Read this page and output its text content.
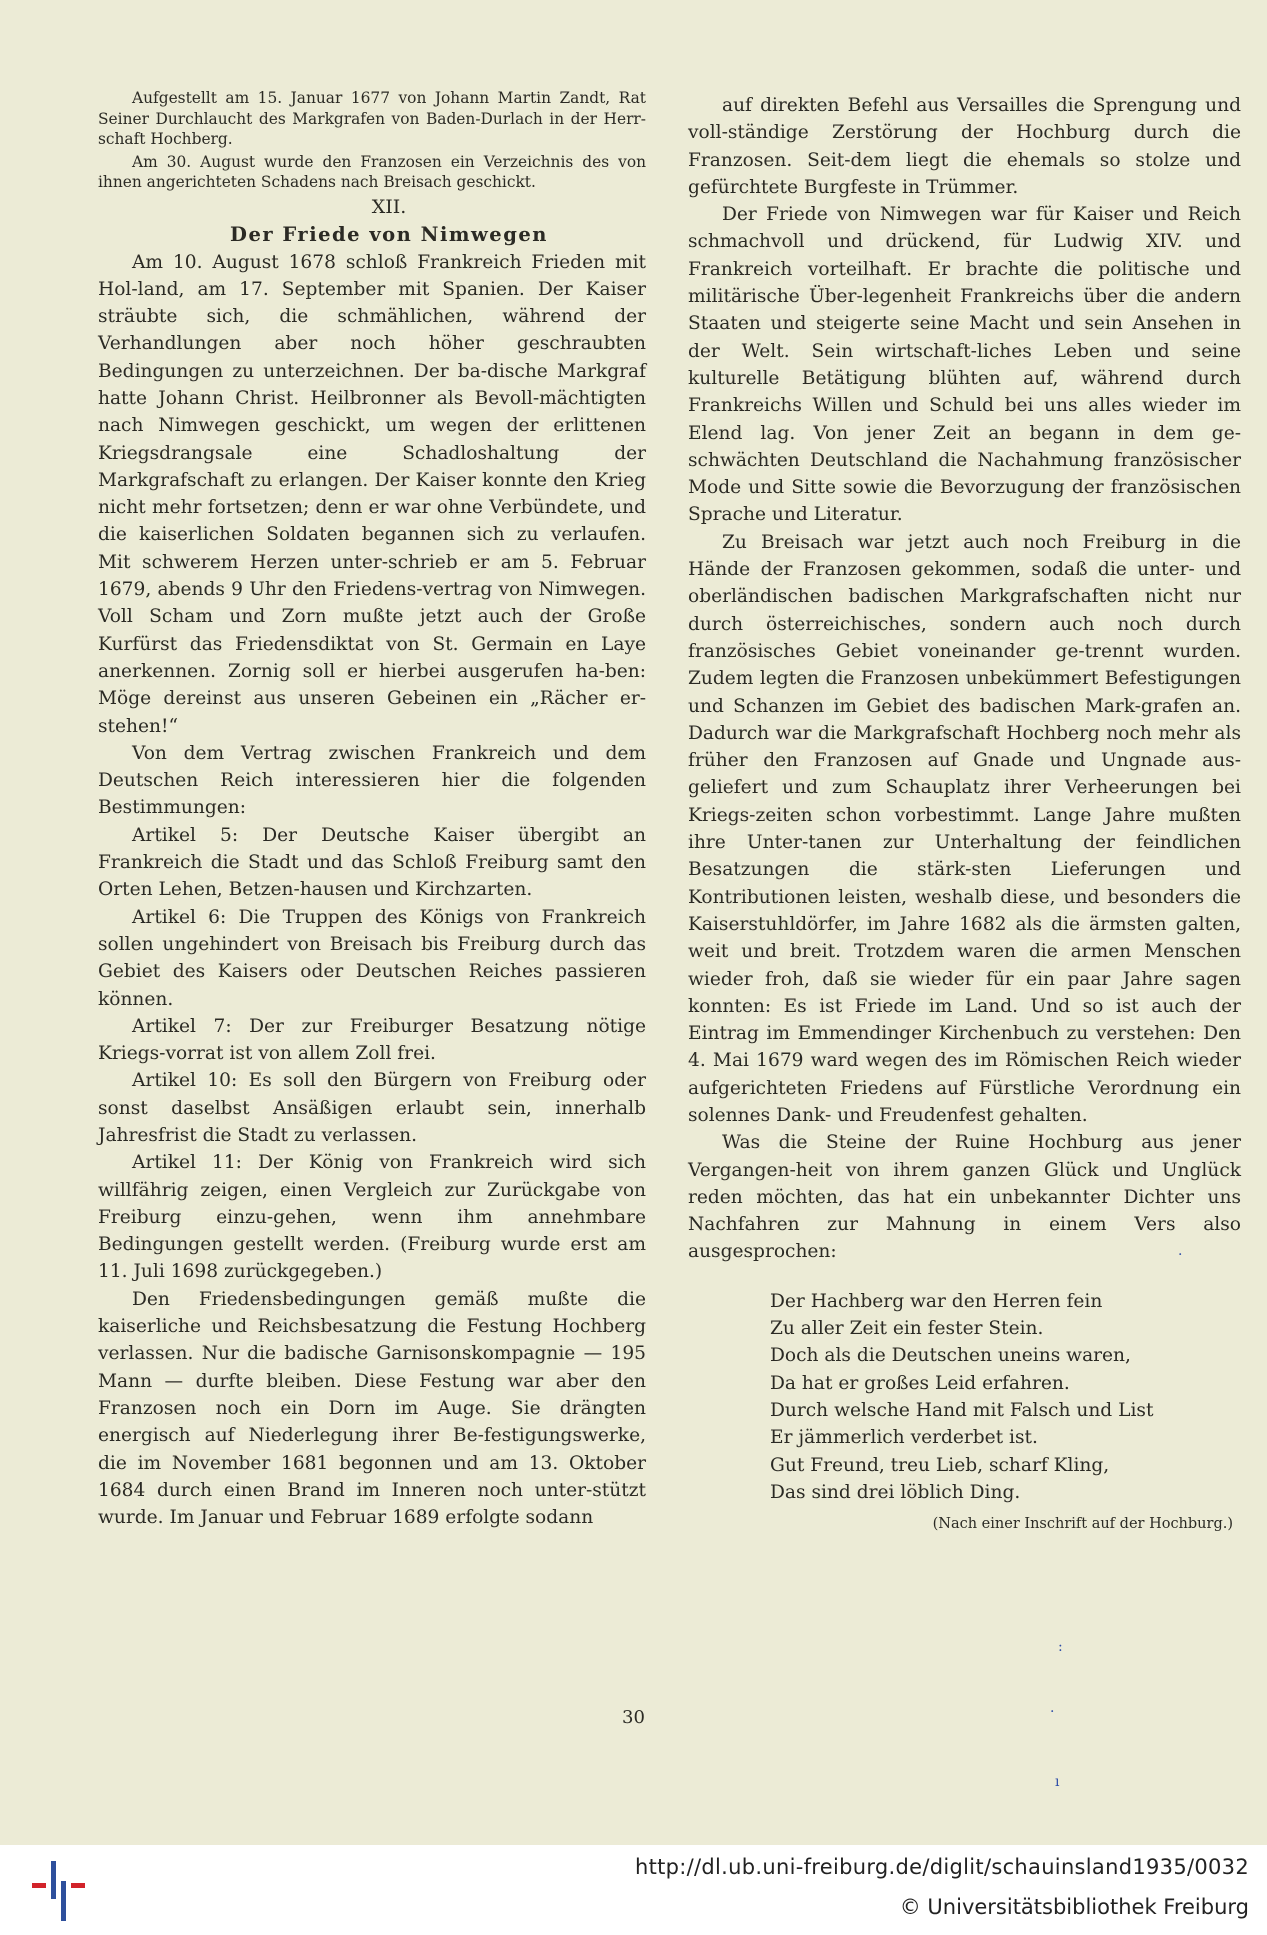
Aufgestellt am 15. Januar 1677 von Johann Martin Zandt, Rat Seiner Durchlaucht des Markgrafen von Baden-Durlach in der Herr-schaft Hochberg.

Am 30. August wurde den Franzosen ein Verzeichnis des von ihnen angerichteten Schadens nach Breisach geschickt.

XII.

Der Friede von Nimwegen

Am 10. August 1678 schloß Frankreich Frieden mit Hol-land, am 17. September mit Spanien. Der Kaiser sträubte sich, die schmählichen, während der Verhandlungen aber noch höher geschraubten Bedingungen zu unterzeichnen. Der ba-dische Markgraf hatte Johann Christ. Heilbronner als Bevoll-mächtigten nach Nimwegen geschickt, um wegen der erlittenen Kriegsdrangsale eine Schadloshaltung der Markgrafschaft zu erlangen. Der Kaiser konnte den Krieg nicht mehr fortsetzen; denn er war ohne Verbündete, und die kaiserlichen Soldaten begannen sich zu verlaufen. Mit schwerem Herzen unter-schrieb er am 5. Februar 1679, abends 9 Uhr den Friedens-vertrag von Nimwegen. Voll Scham und Zorn mußte jetzt auch der Große Kurfürst das Friedensdiktat von St. Germain en Laye anerkennen. Zornig soll er hierbei ausgerufen ha-ben: Möge dereinst aus unseren Gebeinen ein „Rächer er-stehen!“

Von dem Vertrag zwischen Frankreich und dem Deutschen Reich interessieren hier die folgenden Bestimmungen:

Artikel 5: Der Deutsche Kaiser übergibt an Frankreich die Stadt und das Schloß Freiburg samt den Orten Lehen, Betzen-hausen und Kirchzarten.

Artikel 6: Die Truppen des Königs von Frankreich sollen ungehindert von Breisach bis Freiburg durch das Gebiet des Kaisers oder Deutschen Reiches passieren können.

Artikel 7: Der zur Freiburger Besatzung nötige Kriegs-vorrat ist von allem Zoll frei.

Artikel 10: Es soll den Bürgern von Freiburg oder sonst daselbst Ansäßigen erlaubt sein, innerhalb Jahresfrist die Stadt zu verlassen.

Artikel 11: Der König von Frankreich wird sich willfährig zeigen, einen Vergleich zur Zurückgabe von Freiburg einzu-gehen, wenn ihm annehmbare Bedingungen gestellt werden. (Freiburg wurde erst am 11. Juli 1698 zurückgegeben.)

Den Friedensbedingungen gemäß mußte die kaiserliche und Reichsbesatzung die Festung Hochberg verlassen. Nur die badische Garnisonskompagnie — 195 Mann — durfte bleiben. Diese Festung war aber den Franzosen noch ein Dorn im Auge. Sie drängten energisch auf Niederlegung ihrer Be-festigungswerke, die im November 1681 begonnen und am 13. Oktober 1684 durch einen Brand im Inneren noch unter-stützt wurde. Im Januar und Februar 1689 erfolgte sodann

auf direkten Befehl aus Versailles die Sprengung und voll-ständige Zerstörung der Hochburg durch die Franzosen. Seit-dem liegt die ehemals so stolze und gefürchtete Burgfeste in Trümmer.

Der Friede von Nimwegen war für Kaiser und Reich schmachvoll und drückend, für Ludwig XIV. und Frankreich vorteilhaft. Er brachte die politische und militärische Über-legenheit Frankreichs über die andern Staaten und steigerte seine Macht und sein Ansehen in der Welt. Sein wirtschaft-liches Leben und seine kulturelle Betätigung blühten auf, während durch Frankreichs Willen und Schuld bei uns alles wieder im Elend lag. Von jener Zeit an begann in dem ge-schwächten Deutschland die Nachahmung französischer Mode und Sitte sowie die Bevorzugung der französischen Sprache und Literatur.

Zu Breisach war jetzt auch noch Freiburg in die Hände der Franzosen gekommen, sodaß die unter- und oberländischen badischen Markgrafschaften nicht nur durch österreichisches, sondern auch noch durch französisches Gebiet voneinander ge-trennt wurden. Zudem legten die Franzosen unbekümmert Befestigungen und Schanzen im Gebiet des badischen Mark-grafen an. Dadurch war die Markgrafschaft Hochberg noch mehr als früher den Franzosen auf Gnade und Ungnade aus-geliefert und zum Schauplatz ihrer Verheerungen bei Kriegs-zeiten schon vorbestimmt. Lange Jahre mußten ihre Unter-tanen zur Unterhaltung der feindlichen Besatzungen die stärk-sten Lieferungen und Kontributionen leisten, weshalb diese, und besonders die Kaiserstuhldörfer, im Jahre 1682 als die ärmsten galten, weit und breit. Trotzdem waren die armen Menschen wieder froh, daß sie wieder für ein paar Jahre sagen konnten: Es ist Friede im Land. Und so ist auch der Eintrag im Emmendinger Kirchenbuch zu verstehen: Den 4. Mai 1679 ward wegen des im Römischen Reich wieder aufgerichteten Friedens auf Fürstliche Verordnung ein solennes Dank- und Freudenfest gehalten.

Was die Steine der Ruine Hochburg aus jener Vergangen-heit von ihrem ganzen Glück und Unglück reden möchten, das hat ein unbekannter Dichter uns Nachfahren zur Mahnung in einem Vers also ausgesprochen:

Der Hachberg war den Herren fein
Zu aller Zeit ein fester Stein.
Doch als die Deutschen uneins waren,
Da hat er großes Leid erfahren.
Durch welsche Hand mit Falsch und List
Er jämmerlich verderbet ist.
Gut Freund, treu Lieb, scharf Kling,
Das sind drei löblich Ding.
(Nach einer Inschrift auf der Hochburg.)
·
:
·
ı
30
http://dl.ub.uni-freiburg.de/diglit/schauinsland1935/0032
© Universitätsbibliothek Freiburg
